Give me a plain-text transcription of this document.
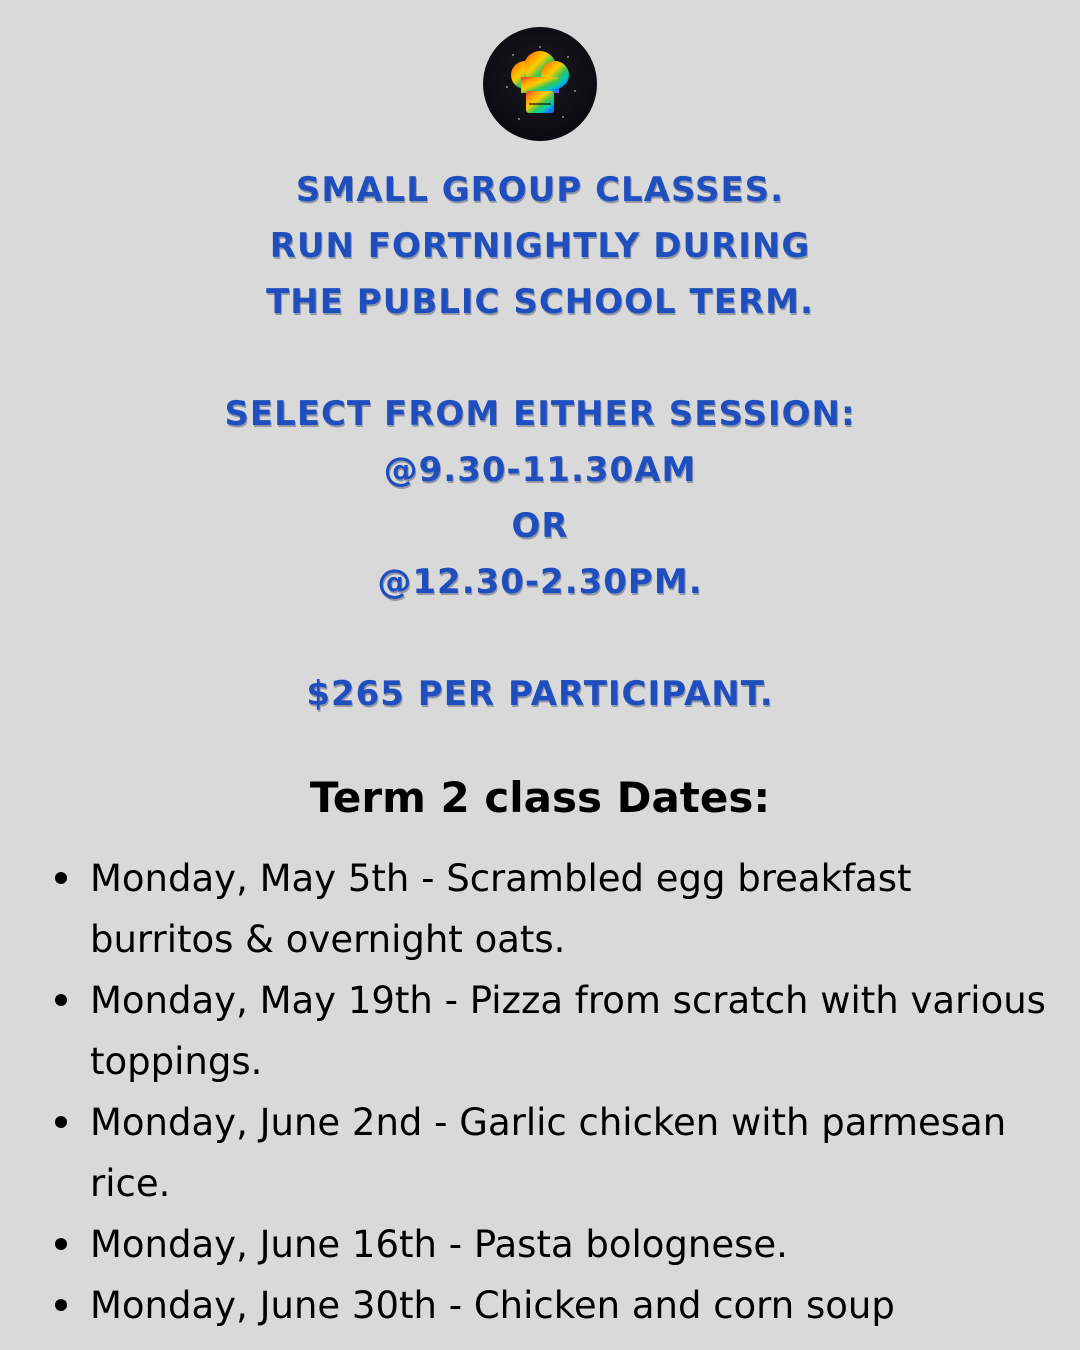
SMALL GROUP CLASSES.
RUN FORTNIGHTLY DURING
THE PUBLIC SCHOOL TERM.
SELECT FROM EITHER SESSION:
@9.30-11.30AM
OR
@12.30-2.30PM.
$265 PER PARTICIPANT.
Term 2 class Dates:
Monday, May 5th - Scrambled egg breakfast burritos & overnight oats.
Monday, May 19th - Pizza from scratch with various toppings.
Monday, June 2nd - Garlic chicken with parmesan rice.
Monday, June 16th - Pasta bolognese.
Monday, June 30th - Chicken and corn soup
